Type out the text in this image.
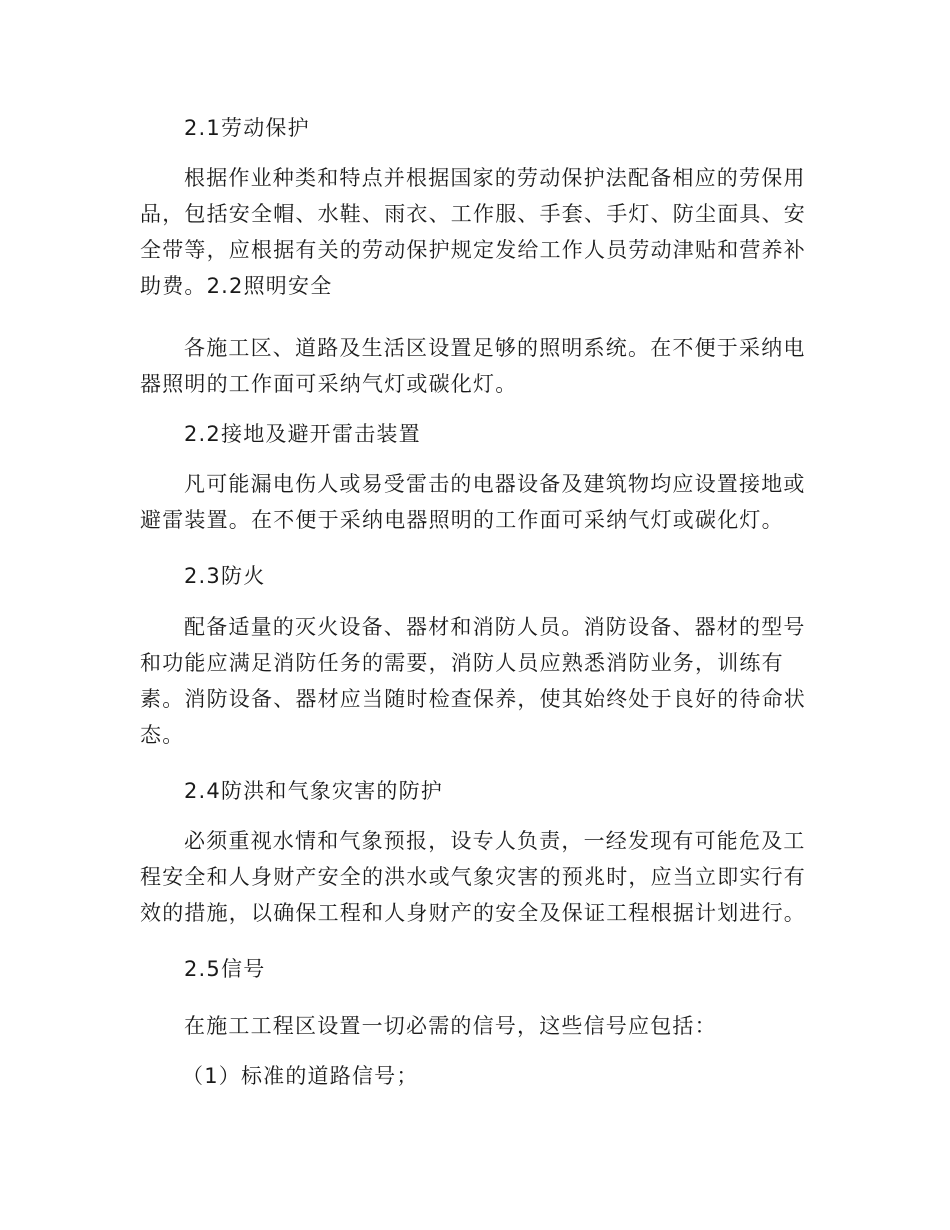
2.1劳动保护

根据作业种类和特点并根据国家的劳动保护法配备相应的劳保用品，包括安全帽、水鞋、雨衣、工作服、手套、手灯、防尘面具、安全带等，应根据有关的劳动保护规定发给工作人员劳动津贴和营养补助费。2.2照明安全

各施工区、道路及生活区设置足够的照明系统。在不便于采纳电器照明的工作面可采纳气灯或碳化灯。

2.2接地及避开雷击装置

凡可能漏电伤人或易受雷击的电器设备及建筑物均应设置接地或避雷装置。在不便于采纳电器照明的工作面可采纳气灯或碳化灯。

2.3防火

配备适量的灭火设备、器材和消防人员。消防设备、器材的型号和功能应满足消防任务的需要，消防人员应熟悉消防业务，训练有素。消防设备、器材应当随时检查保养，使其始终处于良好的待命状态。

2.4防洪和气象灾害的防护

必须重视水情和气象预报，设专人负责，一经发现有可能危及工程安全和人身财产安全的洪水或气象灾害的预兆时，应当立即实行有效的措施，以确保工程和人身财产的安全及保证工程根据计划进行。

2.5信号

在施工工程区设置一切必需的信号，这些信号应包括：

（1）标准的道路信号；
